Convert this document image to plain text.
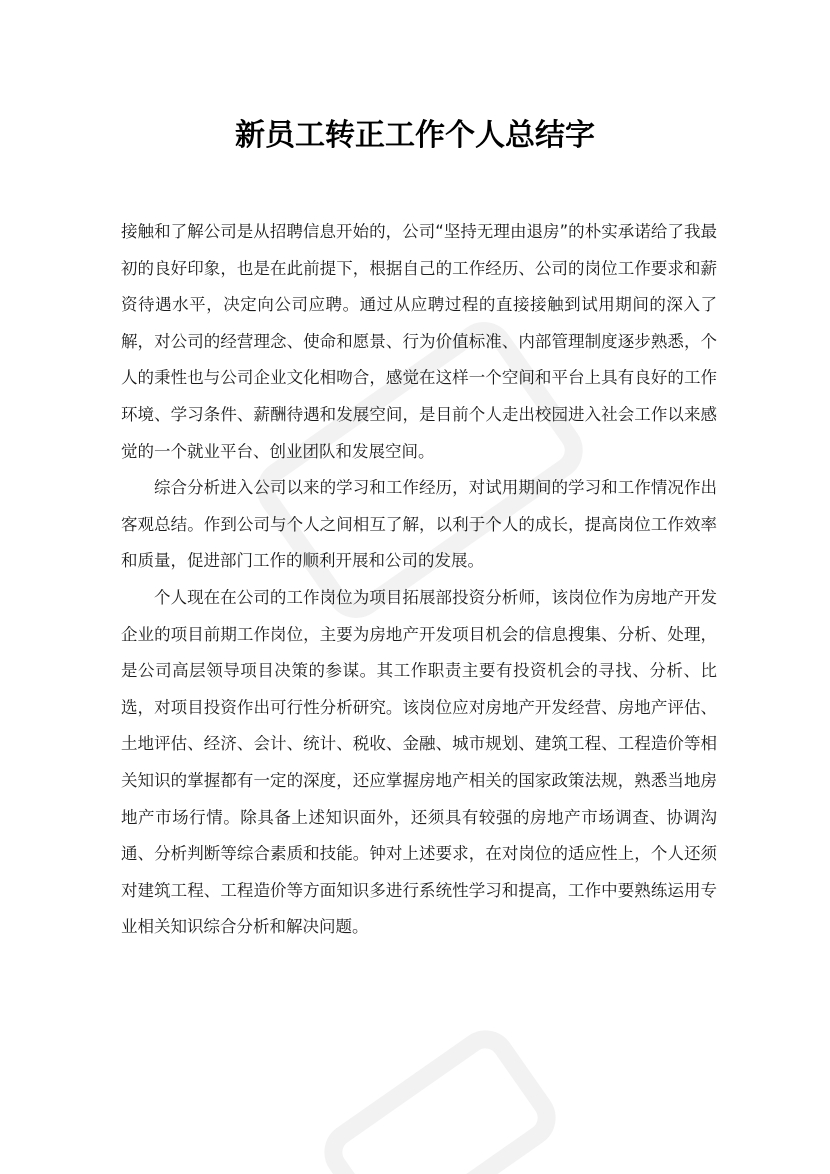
新员工转正工作个人总结字

接触和了解公司是从招聘信息开始的，公司“坚持无理由退房”的朴实承诺给了我最初的良好印象，也是在此前提下，根据自己的工作经历、公司的岗位工作要求和薪资待遇水平，决定向公司应聘。通过从应聘过程的直接接触到试用期间的深入了解，对公司的经营理念、使命和愿景、行为价值标准、内部管理制度逐步熟悉，个人的秉性也与公司企业文化相吻合，感觉在这样一个空间和平台上具有良好的工作环境、学习条件、薪酬待遇和发展空间，是目前个人走出校园进入社会工作以来感觉的一个就业平台、创业团队和发展空间。

综合分析进入公司以来的学习和工作经历，对试用期间的学习和工作情况作出客观总结。作到公司与个人之间相互了解，以利于个人的成长，提高岗位工作效率和质量，促进部门工作的顺利开展和公司的发展。

个人现在在公司的工作岗位为项目拓展部投资分析师，该岗位作为房地产开发企业的项目前期工作岗位，主要为房地产开发项目机会的信息搜集、分析、处理，是公司高层领导项目决策的参谋。其工作职责主要有投资机会的寻找、分析、比选，对项目投资作出可行性分析研究。该岗位应对房地产开发经营、房地产评估、土地评估、经济、会计、统计、税收、金融、城市规划、建筑工程、工程造价等相关知识的掌握都有一定的深度，还应掌握房地产相关的国家政策法规，熟悉当地房地产市场行情。除具备上述知识面外，还须具有较强的房地产市场调查、协调沟通、分析判断等综合素质和技能。钟对上述要求，在对岗位的适应性上，个人还须对建筑工程、工程造价等方面知识多进行系统性学习和提高，工作中要熟练运用专业相关知识综合分析和解决问题。
